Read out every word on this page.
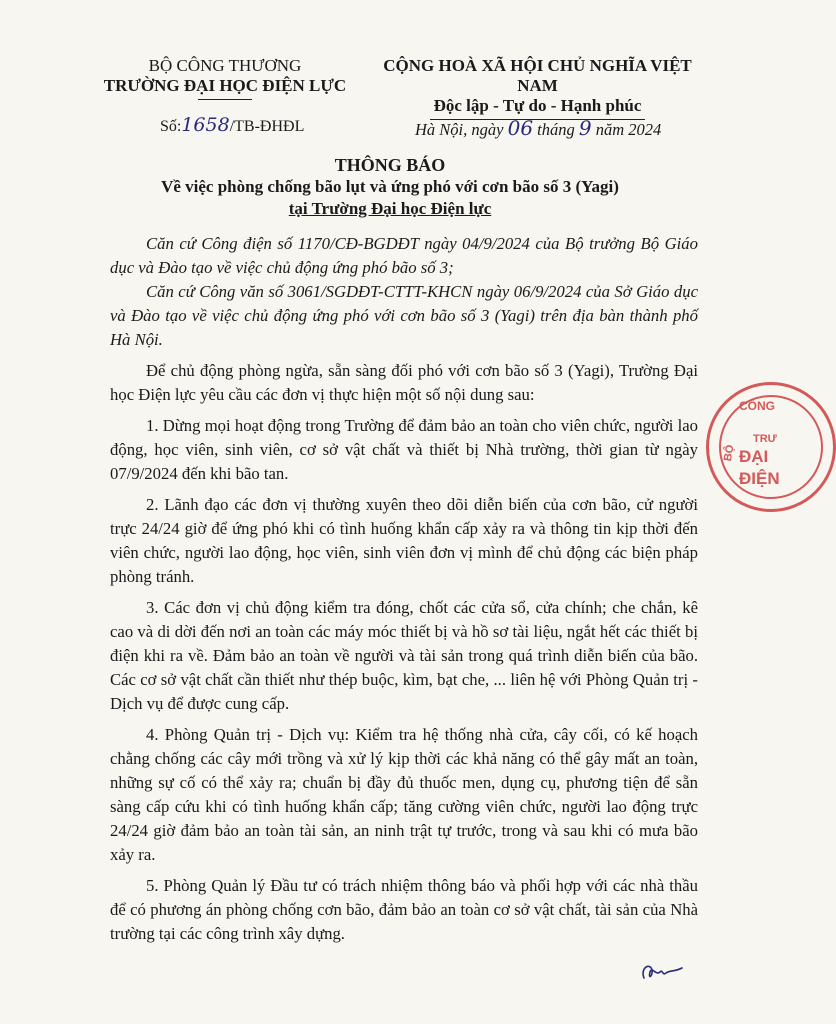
BỘ CÔNG THƯƠNG
TRƯỜNG ĐẠI HỌC ĐIỆN LỰC
Số:1658/TB-ĐHĐL
CỘNG HOÀ XÃ HỘI CHỦ NGHĨA VIỆT NAM
Độc lập - Tự do - Hạnh phúc
Hà Nội, ngày 06 tháng 9 năm 2024
THÔNG BÁO
Về việc phòng chống bão lụt và ứng phó với cơn bão số 3 (Yagi)
tại Trường Đại học Điện lực

Căn cứ Công điện số 1170/CĐ-BGDĐT ngày 04/9/2024 của Bộ trưởng Bộ Giáo dục và Đào tạo về việc chủ động ứng phó bão số 3;

Căn cứ Công văn số 3061/SGDĐT-CTTT-KHCN ngày 06/9/2024 của Sở Giáo dục và Đào tạo về việc chủ động ứng phó với cơn bão số 3 (Yagi) trên địa bàn thành phố Hà Nội.

Để chủ động phòng ngừa, sẵn sàng đối phó với cơn bão số 3 (Yagi), Trường Đại học Điện lực yêu cầu các đơn vị thực hiện một số nội dung sau:

1. Dừng mọi hoạt động trong Trường để đảm bảo an toàn cho viên chức, người lao động, học viên, sinh viên, cơ sở vật chất và thiết bị Nhà trường, thời gian từ ngày 07/9/2024 đến khi bão tan.

2. Lãnh đạo các đơn vị thường xuyên theo dõi diễn biến của cơn bão, cử người trực 24/24 giờ để ứng phó khi có tình huống khẩn cấp xảy ra và thông tin kịp thời đến viên chức, người lao động, học viên, sinh viên đơn vị mình để chủ động các biện pháp phòng tránh.

3. Các đơn vị chủ động kiểm tra đóng, chốt các cửa sổ, cửa chính; che chắn, kê cao và di dời đến nơi an toàn các máy móc thiết bị và hồ sơ tài liệu, ngắt hết các thiết bị điện khi ra về. Đảm bảo an toàn về người và tài sản trong quá trình diễn biến của bão. Các cơ sở vật chất cần thiết như thép buộc, kìm, bạt che, ... liên hệ với Phòng Quản trị - Dịch vụ để được cung cấp.

4. Phòng Quản trị - Dịch vụ: Kiểm tra hệ thống nhà cửa, cây cối, có kế hoạch chằng chống các cây mới trồng và xử lý kịp thời các khả năng có thể gây mất an toàn, những sự cố có thể xảy ra; chuẩn bị đầy đủ thuốc men, dụng cụ, phương tiện để sẵn sàng cấp cứu khi có tình huống khẩn cấp; tăng cường viên chức, người lao động trực 24/24 giờ đảm bảo an toàn tài sản, an ninh trật tự trước, trong và sau khi có mưa bão xảy ra.

5. Phòng Quản lý Đầu tư có trách nhiệm thông báo và phối hợp với các nhà thầu để có phương án phòng chống cơn bão, đảm bảo an toàn cơ sở vật chất, tài sản của Nhà trường tại các công trình xây dựng.

CÔNG
TRƯ
ĐẠI
ĐIỆN
BỘ
